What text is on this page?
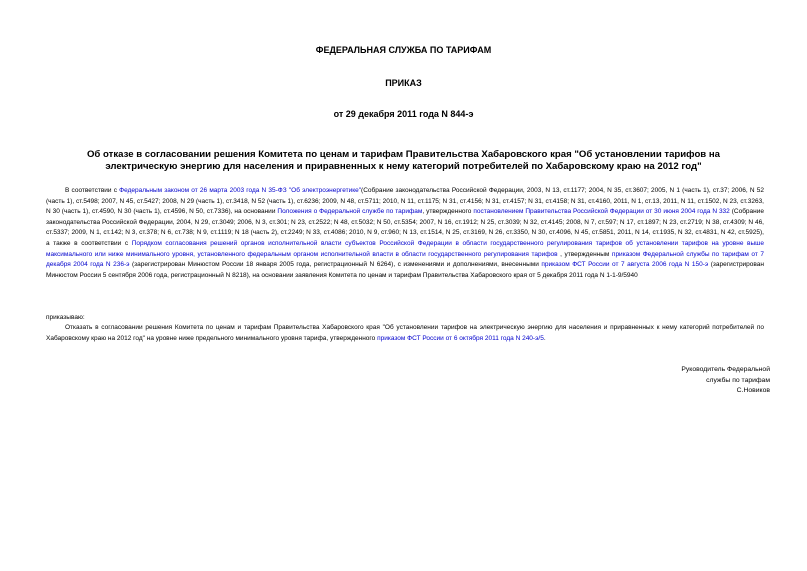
ФЕДЕРАЛЬНАЯ СЛУЖБА ПО ТАРИФАМ
ПРИКАЗ
от 29 декабря 2011 года N 844-э
Об отказе в согласовании решения Комитета по ценам и тарифам Правительства Хабаровского края "Об установлении тарифов на электрическую энергию для населения и приравненных к нему категорий потребителей по Хабаровскому краю на 2012 год"
В соответствии с Федеральным законом от 26 марта 2003 года N 35-ФЗ "Об электроэнергетике"(Собрание законодательства Российской Федерации, 2003, N 13, ст.1177; 2004, N 35, ст.3607; 2005, N 1 (часть 1), ст.37; 2006, N 52 (часть 1), ст.5498; 2007, N 45, ст.5427; 2008, N 29 (часть 1), ст.3418, N 52 (часть 1), ст.6236; 2009, N 48, ст.5711; 2010, N 11, ст.1175; N 31, ст.4156; N 31, ст.4157; N 31, ст.4158; N 31, ст.4160, 2011, N 1, ст.13, 2011, N 11, ст.1502, N 23, ст.3263, N 30 (часть 1), ст.4590, N 30 (часть 1), ст.4596, N 50, ст.7336), на основании Положения о Федеральной службе по тарифам, утвержденного постановлением Правительства Российской Федерации от 30 июня 2004 года N 332 (Собрание законодательства Российской Федерации, 2004, N 29, ст.3049; 2006, N 3, ст.301; N 23, ст.2522; N 48, ст.5032; N 50, ст.5354; 2007, N 16, ст.1912; N 25, ст.3039; N 32, ст.4145; 2008, N 7, ст.597; N 17, ст.1897; N 23, ст.2719; N 38, ст.4309; N 46, ст.5337; 2009, N 1, ст.142; N 3, ст.378; N 6, ст.738; N 9, ст.1119; N 18 (часть 2), ст.2249; N 33, ст.4086; 2010, N 9, ст.960; N 13, ст.1514, N 25, ст.3169, N 26, ст.3350, N 30, ст.4096, N 45, ст.5851, 2011, N 14, ст.1935, N 32, ст.4831, N 42, ст.5925), а также в соответствии с Порядком согласования решений органов исполнительной власти субъектов Российской Федерации в области государственного регулирования тарифов об установлении тарифов на уровне выше максимального или ниже минимального уровня, установленного федеральным органом исполнительной власти в области государственного регулирования тарифов , утвержденным приказом Федеральной службы по тарифам от 7 декабря 2004 года N 236-э (зарегистрирован Минюстом России 18 января 2005 года, регистрационный N 6264), с изменениями и дополнениями, внесенными приказом ФСТ России от 7 августа 2006 года N 150-э (зарегистрирован Минюстом России 5 сентября 2006 года, регистрационный N 8218), на основании заявления Комитета по ценам и тарифам Правительства Хабаровского края от 5 декабря 2011 года N 1-1-9/5940
приказываю:
Отказать в согласовании решения Комитета по ценам и тарифам Правительства Хабаровского края "Об установлении тарифов на электрическую энергию для населения и приравненных к нему категорий потребителей по Хабаровскому краю на 2012 год" на уровне ниже предельного минимального уровня тарифа, утвержденного приказом ФСТ России от 6 октября 2011 года N 240-э/5.
Руководитель Федеральной
службы по тарифам
С.Новиков
